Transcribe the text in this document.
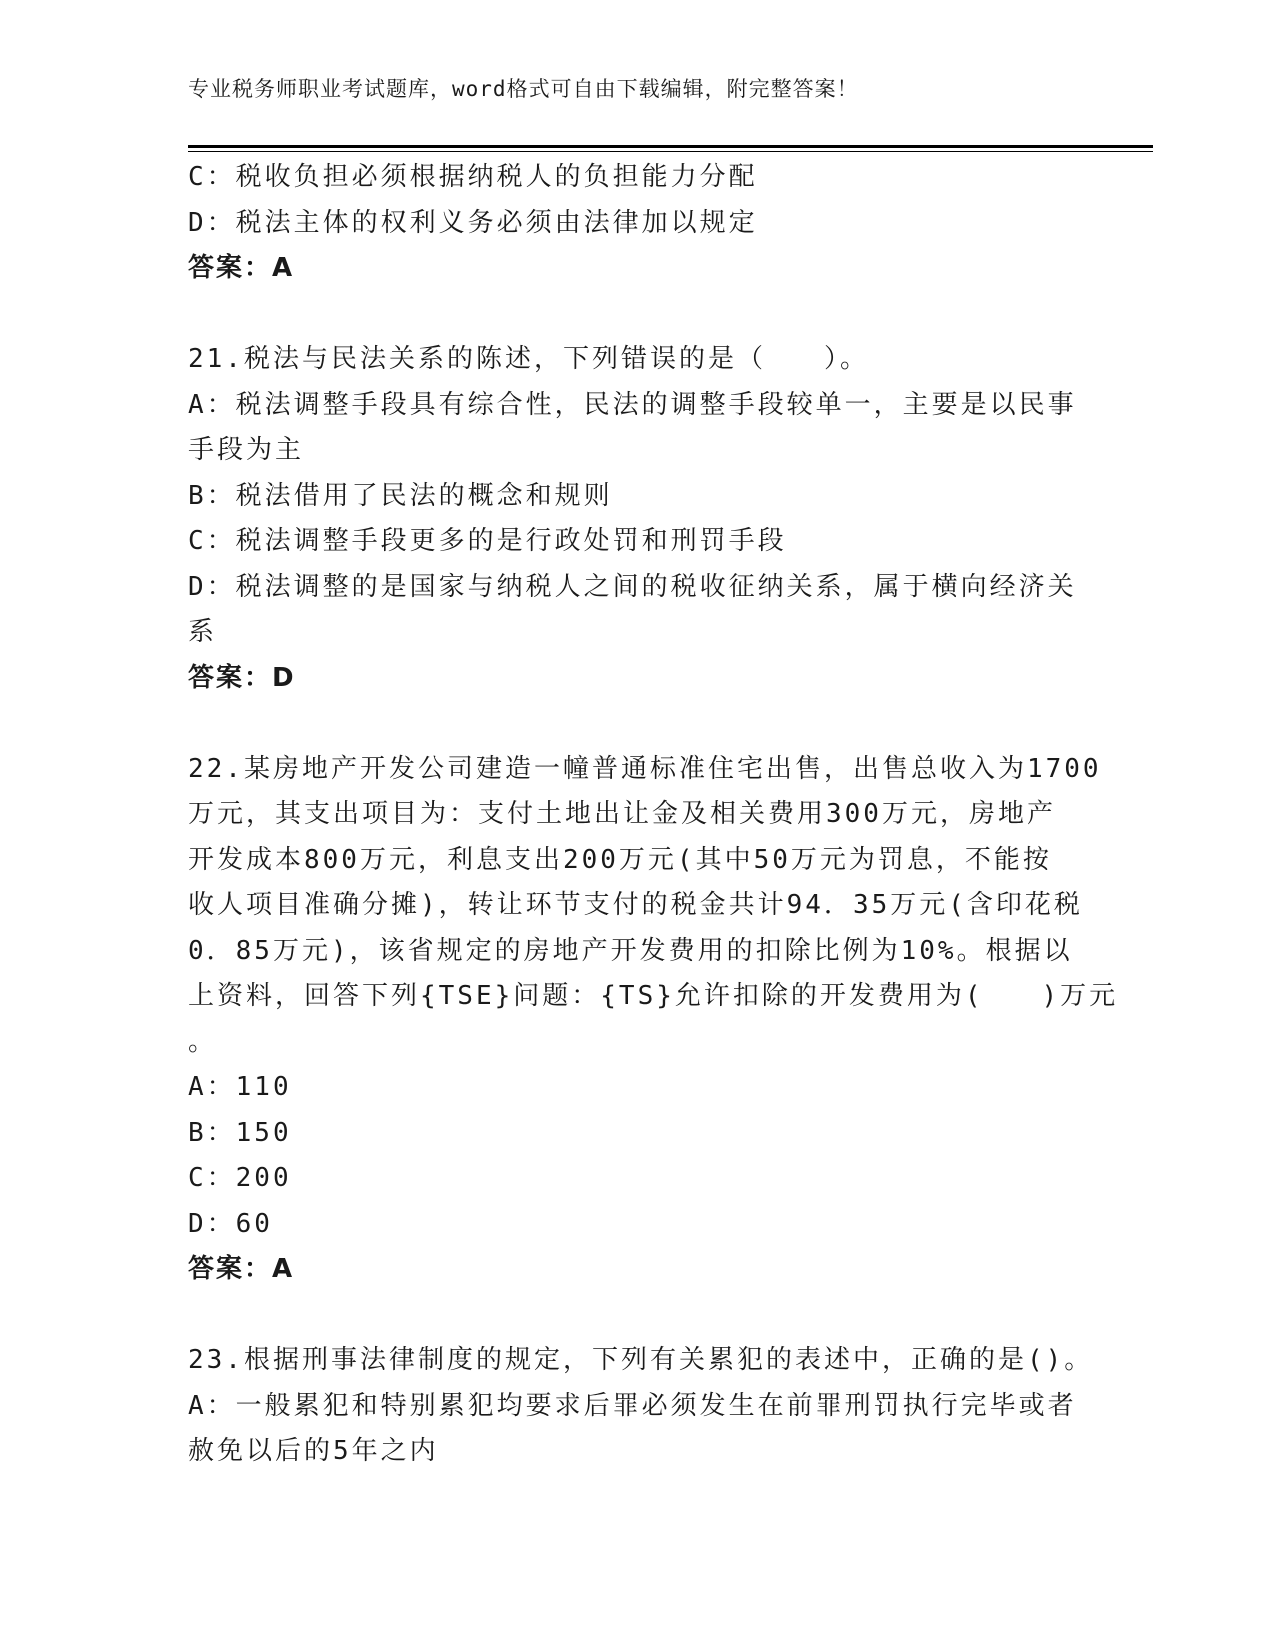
专业税务师职业考试题库，word格式可自由下载编辑，附完整答案！
C：税收负担必须根据纳税人的负担能力分配
D：税法主体的权利义务必须由法律加以规定
答案：A
21.税法与民法关系的陈述，下列错误的是（　　）。
A：税法调整手段具有综合性，民法的调整手段较单一，主要是以民事
手段为主
B：税法借用了民法的概念和规则
C：税法调整手段更多的是行政处罚和刑罚手段
D：税法调整的是国家与纳税人之间的税收征纳关系，属于横向经济关
系
答案：D
22.某房地产开发公司建造一幢普通标准住宅出售，出售总收入为1700
万元，其支出项目为：支付土地出让金及相关费用300万元，房地产
开发成本800万元，利息支出200万元(其中50万元为罚息，不能按
收人项目准确分摊)，转让环节支付的税金共计94．35万元(含印花税
0．85万元)，该省规定的房地产开发费用的扣除比例为10%。根据以
上资料，回答下列{TSE}问题：{TS}允许扣除的开发费用为(　　)万元
。
A：110
B：150
C：200
D：60
答案：A
23.根据刑事法律制度的规定，下列有关累犯的表述中，正确的是()。
A：一般累犯和特别累犯均要求后罪必须发生在前罪刑罚执行完毕或者
赦免以后的5年之内
